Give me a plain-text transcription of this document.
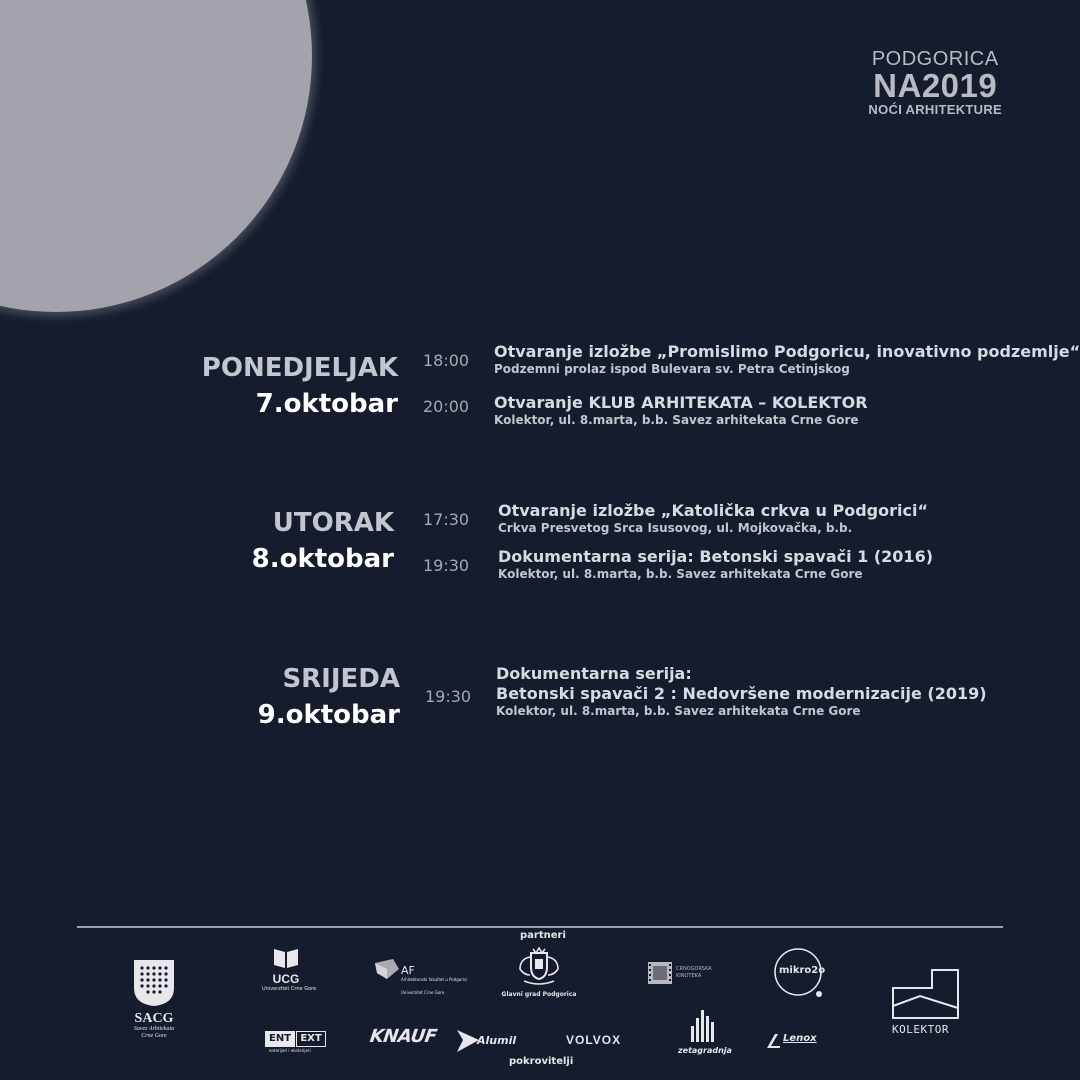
PODGORICA
NA2019
NOĆI ARHITEKTURE
PONEDJELJAK
7.oktobar
18:00 Otvaranje izložbe „Promislimo Podgoricu, inovativno podzemlje“
Podzemni prolaz ispod Bulevara sv. Petra Cetinjskog
20:00 Otvaranje KLUB ARHITEKATA – KOLEKTOR
Kolektor, ul. 8.marta, b.b. Savez arhitekata Crne Gore
UTORAK
8.oktobar
17:30 Otvaranje izložbe „Katolička crkva u Podgorici“
Crkva Presvetog Srca Isusovog, ul. Mojkovačka, b.b.
19:30 Dokumentarna serija: Betonski spavači 1 (2016)
Kolektor, ul. 8.marta, b.b. Savez arhitekata Crne Gore
SRIJEDA
9.oktobar
19:30
Dokumentarna serija:
Betonski spavači 2 : Nedovršene modernizacije (2019)
Kolektor, ul. 8.marta, b.b. Savez arhitekata Crne Gore
partneri
pokrovitelji
SACG
Savez Arhitekata
Crne Gore
UCG
Univerzitet Crne Gore
AF
Arhitektonski fakultet u Podgorici
Univerzitet Crne Gore	Glavni grad Podgorica
CRNOGORSKA
KINOTEKA	mikro2o
KOLEKTOR
ENT EXT
enterijeri i eksterijeri
KNAUF	Alumil	VOLVOX
zetagradnja
Lenox
